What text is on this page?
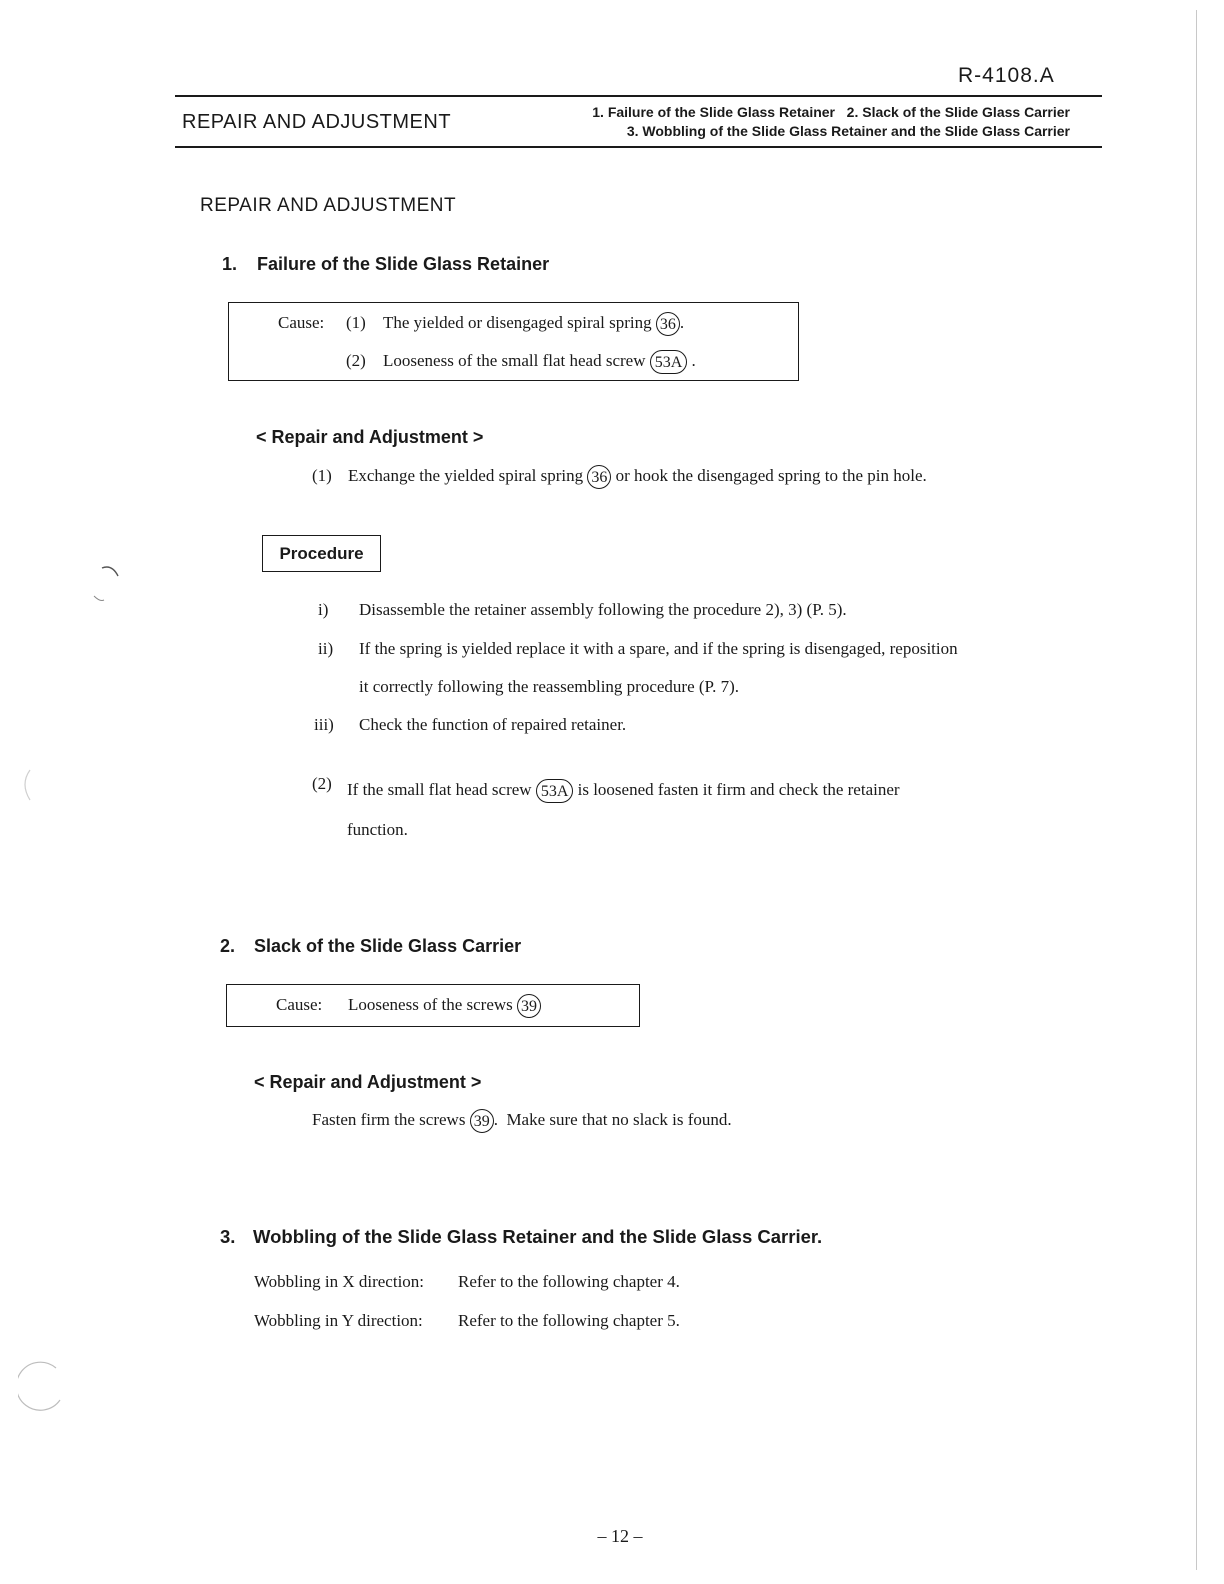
R-4108.A
REPAIR AND ADJUSTMENT	1. Failure of the Slide Glass Retainer   2. Slack of the Slide Glass Carrier
3. Wobbling of the Slide Glass Retainer and the Slide Glass Carrier
REPAIR AND ADJUSTMENT
1. Failure of the Slide Glass Retainer
Cause: (1) The yielded or disengaged spiral spring 36 .
(2) Looseness of the small flat head screw 53A .
< Repair and Adjustment >
(1) Exchange the yielded spiral spring 36 or hook the disengaged spring to the pin hole.
Procedure
i) Disassemble the retainer assembly following the procedure 2), 3) (P. 5).
ii) If the spring is yielded replace it with a spare, and if the spring is disengaged, reposition
it correctly following the reassembling procedure (P. 7).
iii) Check the function of repaired retainer.
(2) If the small flat head screw 53A is loosened fasten it firm and check the retainer
function.
2. Slack of the Slide Glass Carrier
Cause: Looseness of the screws 39
< Repair and Adjustment >
Fasten firm the screws 39 .  Make sure that no slack is found.
3. Wobbling of the Slide Glass Retainer and the Slide Glass Carrier.
Wobbling in X direction: Refer to the following chapter 4.
Wobbling in Y direction: Refer to the following chapter 5.
– 12 –
